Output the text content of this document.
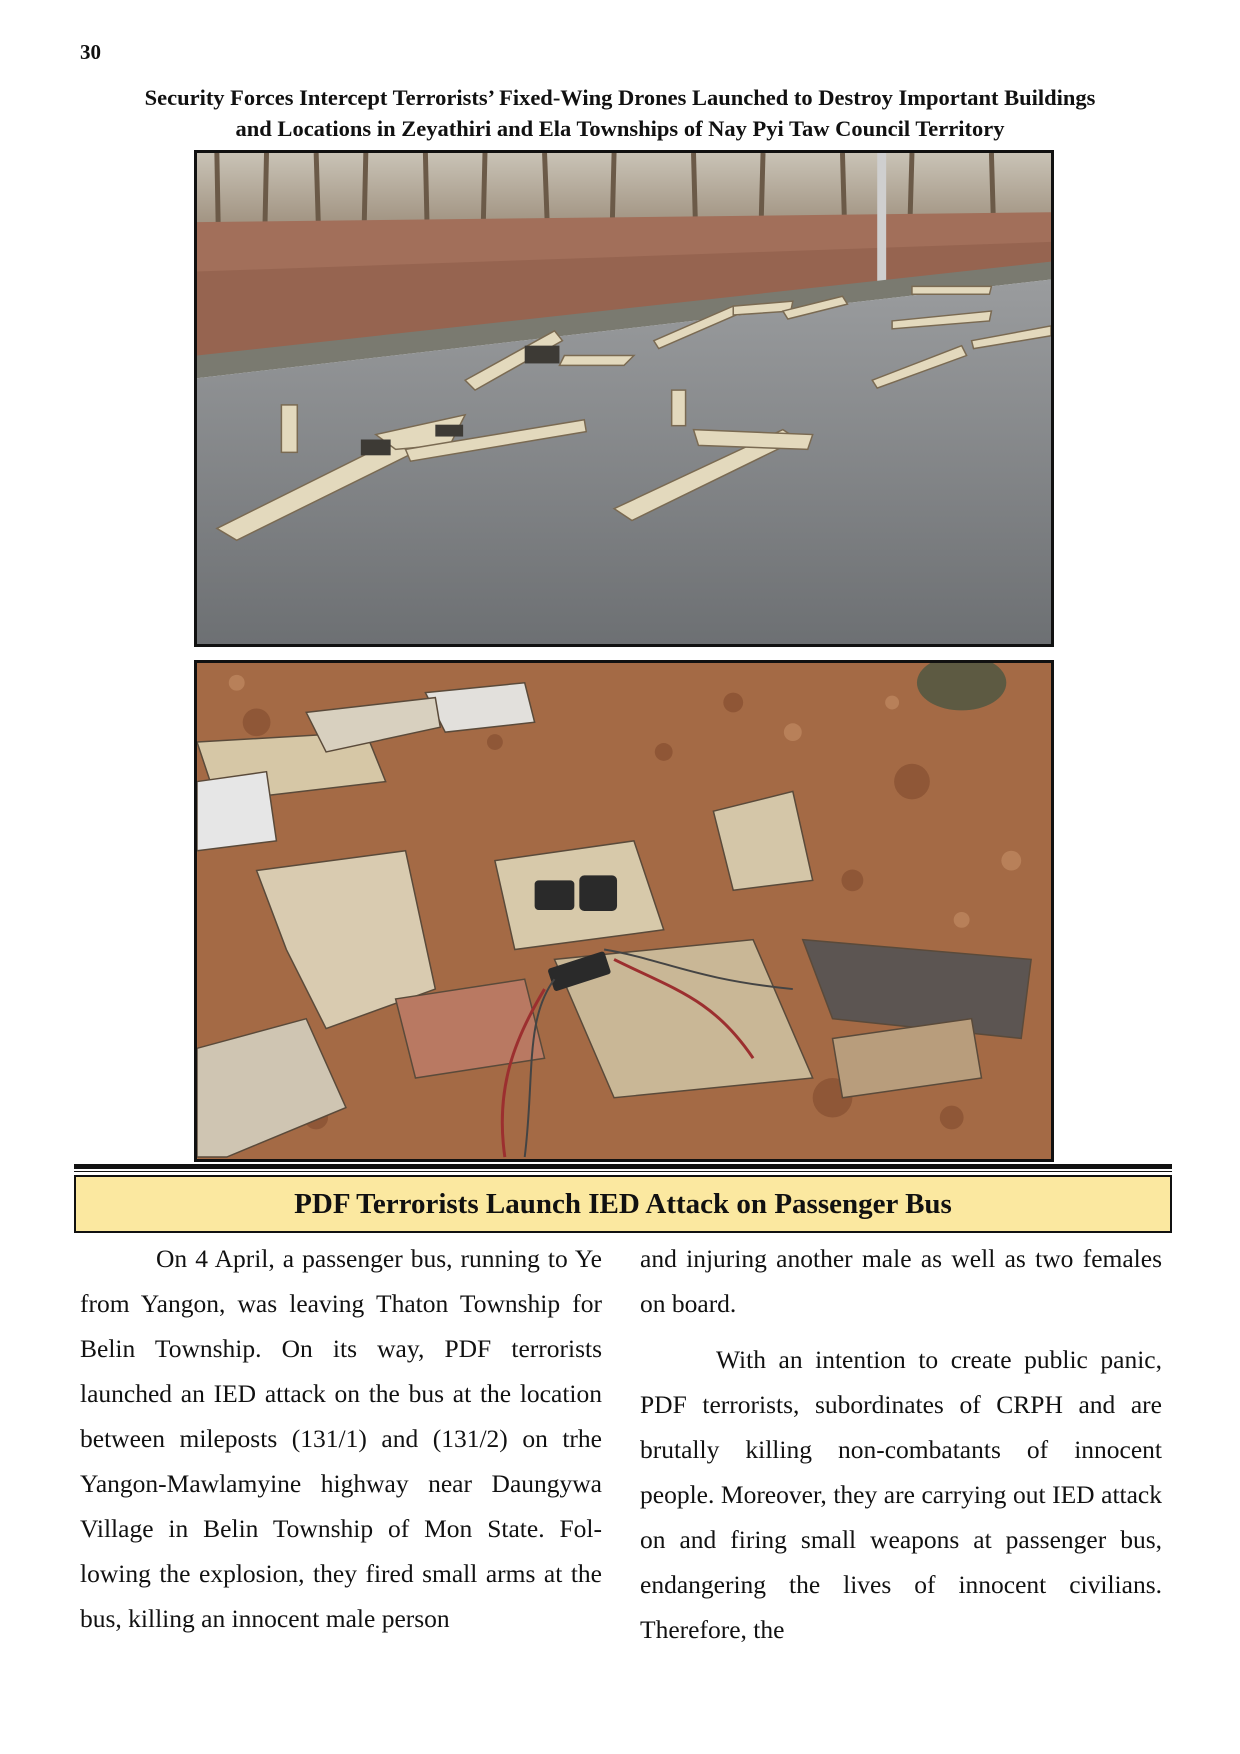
30
Security Forces Intercept Terrorists’ Fixed-Wing Drones Launched to Destroy Important Buildings
and Locations in Zeyathiri and Ela Townships of Nay Pyi Taw Council Territory
PDF Terrorists Launch IED Attack on Passenger Bus

On 4 April, a passenger bus, running to Ye from Yangon, was leaving Thaton Township for Belin Township. On its way, PDF terrorists launched an IED attack on the bus at the location between mileposts (131/1) and (131/2) on trhe Yangon-Mawlamyine highway near Daungywa Village in Belin Township of Mon State. Following the explosion, they fired small arms at the bus, killing an innocent male person

and injuring another male as well as two females on board.

With an intention to create public panic, PDF terrorists, subordinates of CRPH and are brutally killing non-combatants of innocent people. Moreover, they are carrying out IED attack on and firing small weapons at passenger bus, endangering the lives of innocent civilians. Therefore, the
